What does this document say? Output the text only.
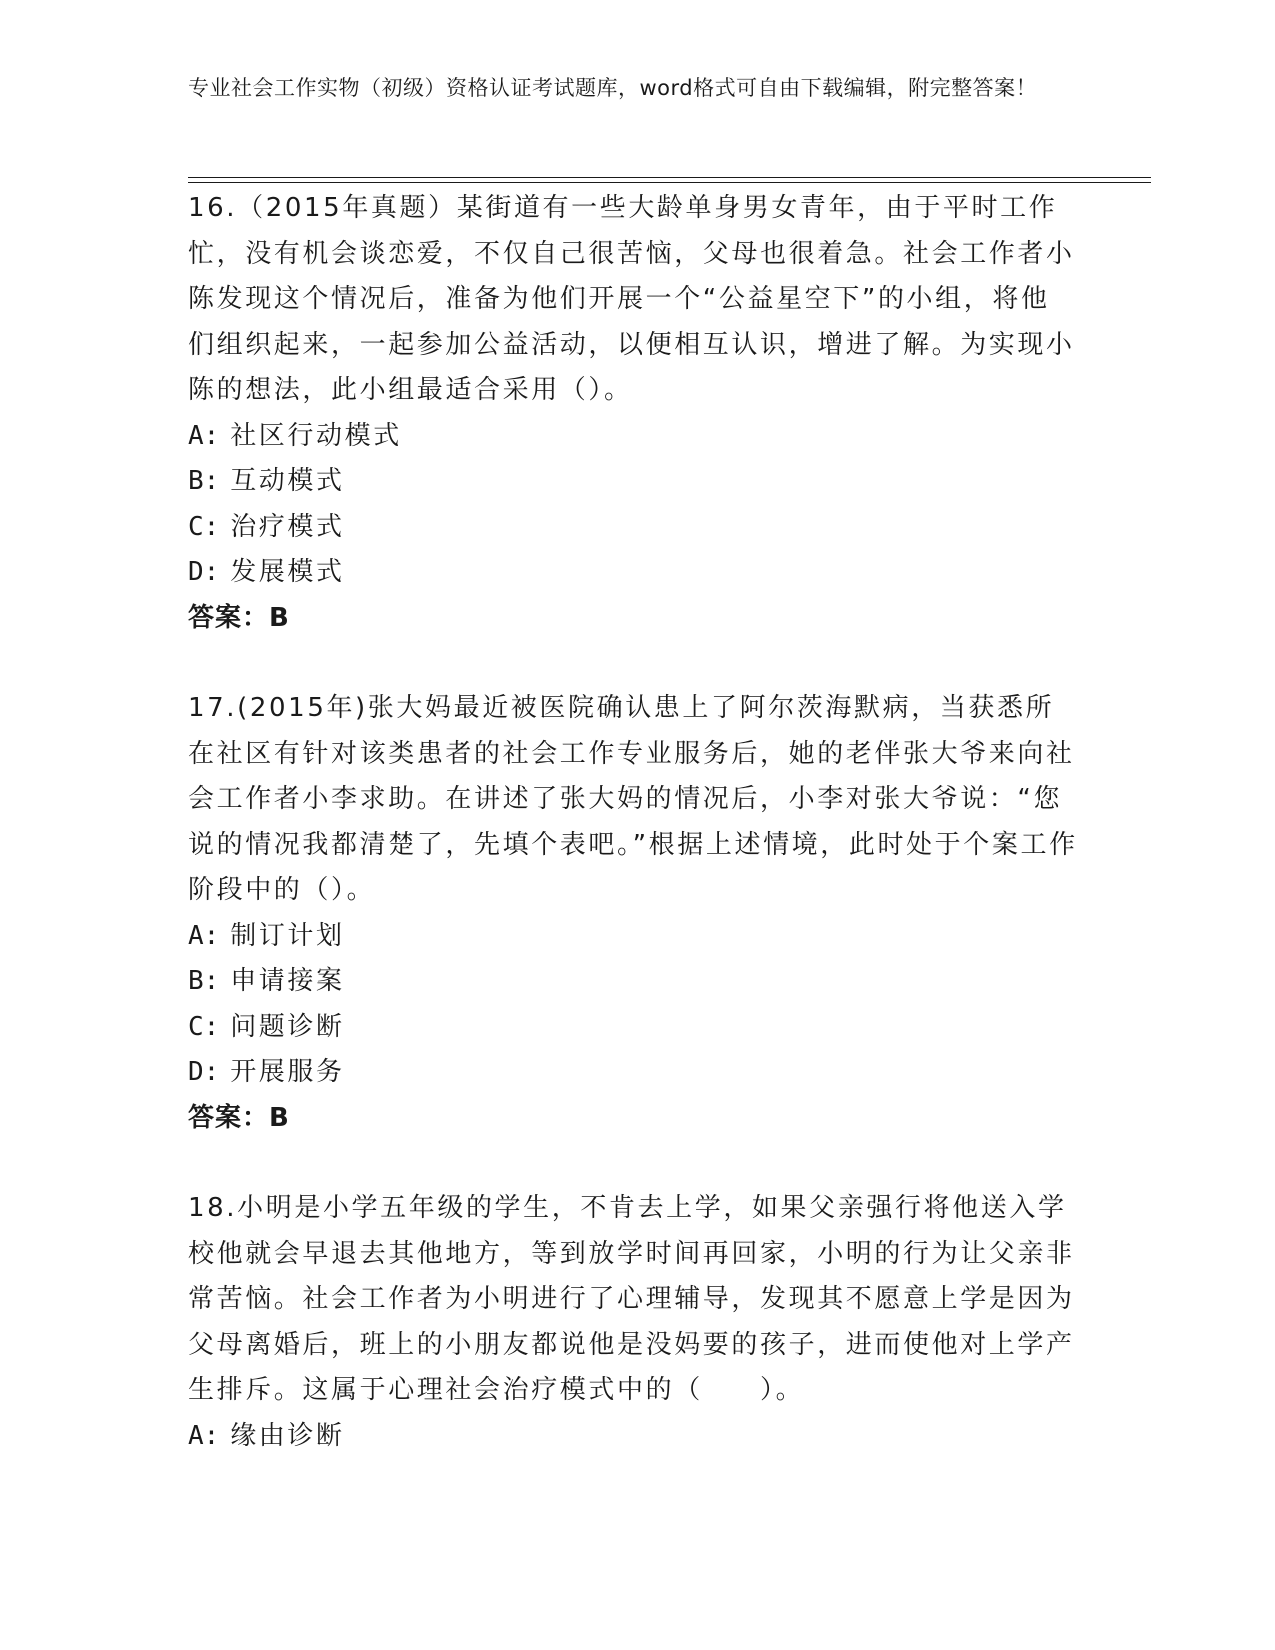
专业社会工作实物（初级）资格认证考试题库，word格式可自由下载编辑，附完整答案！

16.（2015年真题）某街道有一些大龄单身男女青年，由于平时工作忙，没有机会谈恋爱，不仅自己很苦恼，父母也很着急。社会工作者小陈发现这个情况后，准备为他们开展一个“公益星空下”的小组，将他们组织起来，一起参加公益活动，以便相互认识，增进了解。为实现小陈的想法，此小组最适合采用（）。

A: 社区行动模式
B: 互动模式
C: 治疗模式
D: 发展模式

答案：B

17.(2015年)张大妈最近被医院确认患上了阿尔茨海默病，当获悉所在社区有针对该类患者的社会工作专业服务后，她的老伴张大爷来向社会工作者小李求助。在讲述了张大妈的情况后，小李对张大爷说：“您说的情况我都清楚了，先填个表吧。”根据上述情境，此时处于个案工作阶段中的（）。

A: 制订计划
B: 申请接案
C: 问题诊断
D: 开展服务

答案：B

18.小明是小学五年级的学生，不肯去上学，如果父亲强行将他送入学校他就会早退去其他地方，等到放学时间再回家，小明的行为让父亲非常苦恼。社会工作者为小明进行了心理辅导，发现其不愿意上学是因为父母离婚后，班上的小朋友都说他是没妈要的孩子，进而使他对上学产生排斥。这属于心理社会治疗模式中的（　　）。

A: 缘由诊断
